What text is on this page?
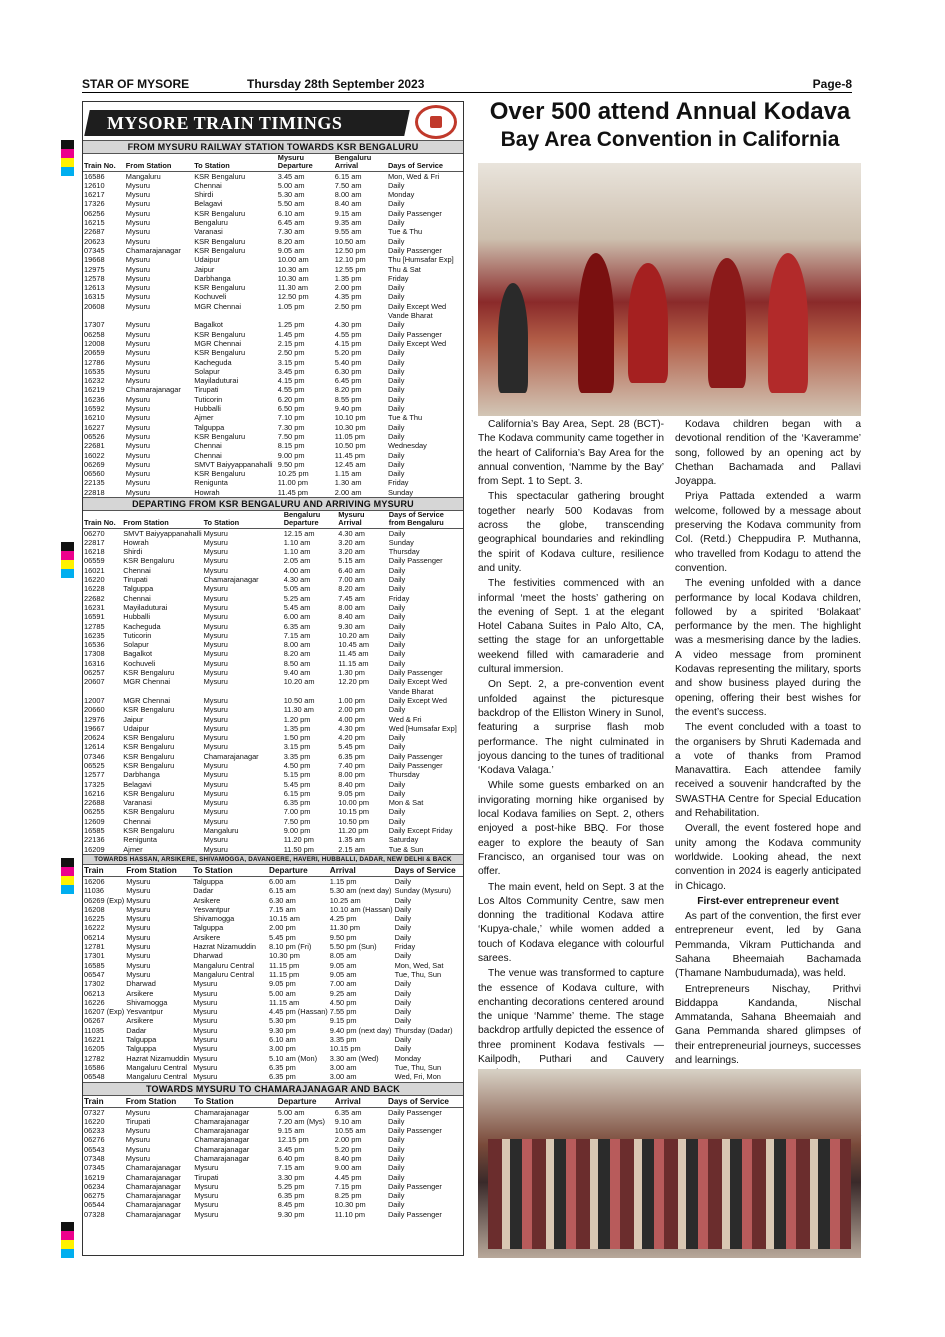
STAR OF MYSORE	Thursday 28th September 2023	Page-8
MYSORE TRAIN TIMINGS
FROM MYSURU RAILWAY STATION TOWARDS KSR BENGALURU
Train No.	From Station	To Station	Mysuru Departure	Bengaluru Arrival	Days of Service
16586	Mangaluru	KSR Bengaluru	3.45 am	6.15 am	Mon, Wed & Fri
12610	Mysuru	Chennai	5.00 am	7.50 am	Daily
16217	Mysuru	Shirdi	5.30 am	8.00 am	Monday
17326	Mysuru	Belagavi	5.50 am	8.40 am	Daily
06256	Mysuru	KSR Bengaluru	6.10 am	9.15 am	Daily Passenger
16215	Mysuru	Bengaluru	6.45 am	9.35 am	Daily
22687	Mysuru	Varanasi	7.30 am	9.55 am	Tue & Thu
20623	Mysuru	KSR Bengaluru	8.20 am	10.50 am	Daily
07345	Chamarajanagar	KSR Bengaluru	9.05 am	12.50 pm	Daily Passenger
19668	Mysuru	Udaipur	10.00 am	12.10 pm	Thu [Humsafar Exp]
12975	Mysuru	Jaipur	10.30 am	12.55 pm	Thu & Sat
12578	Mysuru	Darbhanga	10.30 am	1.35 pm	Friday
12613	Mysuru	KSR Bengaluru	11.30 am	2.00 pm	Daily
16315	Mysuru	Kochuveli	12.50 pm	4.35 pm	Daily
20608	Mysuru	MGR Chennai	1.05 pm	2.50 pm	Daily Except Wed
					Vande Bharat
17307	Mysuru	Bagalkot	1.25 pm	4.30 pm	Daily
06258	Mysuru	KSR Bengaluru	1.45 pm	4.55 pm	Daily Passenger
12008	Mysuru	MGR Chennai	2.15 pm	4.15 pm	Daily Except Wed
20659	Mysuru	KSR Bengaluru	2.50 pm	5.20 pm	Daily
12786	Mysuru	Kacheguda	3.15 pm	5.40 pm	Daily
16535	Mysuru	Solapur	3.45 pm	6.30 pm	Daily
16232	Mysuru	Mayiladuturai	4.15 pm	6.45 pm	Daily
16219	Chamarajanagar	Tirupati	4.55 pm	8.20 pm	Daily
16236	Mysuru	Tuticorin	6.20 pm	8.55 pm	Daily
16592	Mysuru	Hubballi	6.50 pm	9.40 pm	Daily
16210	Mysuru	Ajmer	7.10 pm	10.10 pm	Tue & Thu
16227	Mysuru	Talguppa	7.30 pm	10.30 pm	Daily
06526	Mysuru	KSR Bengaluru	7.50 pm	11.05 pm	Daily
22681	Mysuru	Chennai	8.15 pm	10.50 pm	Wednesday
16022	Mysuru	Chennai	9.00 pm	11.45 pm	Daily
06269	Mysuru	SMVT Baiyyappanahalli	9.50 pm	12.45 am	Daily
06560	Mysuru	KSR Bengaluru	10.25 pm	1.15 am	Daily
22135	Mysuru	Renigunta	11.00 pm	1.30 am	Friday
22818	Mysuru	Howrah	11.45 pm	2.00 am	Sunday
DEPARTING FROM KSR BENGALURU AND ARRIVING MYSURU
Train No.	From Station	To Station	Bengaluru Departure	Mysuru Arrival	Days of Service from Bengaluru
06270	SMVT Baiyyappanahalli	Mysuru	12.15 am	4.30 am	Daily
22817	Howrah	Mysuru	1.10 am	3.20 am	Sunday
16218	Shirdi	Mysuru	1.10 am	3.20 am	Thursday
06559	KSR Bengaluru	Mysuru	2.05 am	5.15 am	Daily Passenger
16021	Chennai	Mysuru	4.00 am	6.40 am	Daily
16220	Tirupati	Chamarajanagar	4.30 am	7.00 am	Daily
16228	Talguppa	Mysuru	5.05 am	8.20 am	Daily
22682	Chennai	Mysuru	5.25 am	7.45 am	Friday
16231	Mayiladuturai	Mysuru	5.45 am	8.00 am	Daily
16591	Hubballi	Mysuru	6.00 am	8.40 am	Daily
12785	Kacheguda	Mysuru	6.35 am	9.30 am	Daily
16235	Tuticorin	Mysuru	7.15 am	10.20 am	Daily
16536	Solapur	Mysuru	8.00 am	10.45 am	Daily
17308	Bagalkot	Mysuru	8.20 am	11.45 am	Daily
16316	Kochuveli	Mysuru	8.50 am	11.15 am	Daily
06257	KSR Bengaluru	Mysuru	9.40 am	1.30 pm	Daily Passenger
20607	MGR Chennai	Mysuru	10.20 am	12.20 pm	Daily Except Wed
					Vande Bharat
12007	MGR Chennai	Mysuru	10.50 am	1.00 pm	Daily Except Wed
20660	KSR Bengaluru	Mysuru	11.30 am	2.00 pm	Daily
12976	Jaipur	Mysuru	1.20 pm	4.00 pm	Wed & Fri
19667	Udaipur	Mysuru	1.35 pm	4.30 pm	Wed [Humsafar Exp]
20624	KSR Bengaluru	Mysuru	1.50 pm	4.20 pm	Daily
12614	KSR Bengaluru	Mysuru	3.15 pm	5.45 pm	Daily
07346	KSR Bengaluru	Chamarajanagar	3.35 pm	6.35 pm	Daily Passenger
06525	KSR Bengaluru	Mysuru	4.50 pm	7.40 pm	Daily Passenger
12577	Darbhanga	Mysuru	5.15 pm	8.00 pm	Thursday
17325	Belagavi	Mysuru	5.45 pm	8.40 pm	Daily
16216	KSR Bengaluru	Mysuru	6.15 pm	9.05 pm	Daily
22688	Varanasi	Mysuru	6.35 pm	10.00 pm	Mon & Sat
06255	KSR Bengaluru	Mysuru	7.00 pm	10.15 pm	Daily
12609	Chennai	Mysuru	7.50 pm	10.50 pm	Daily
16585	KSR Bengaluru	Mangaluru	9.00 pm	11.20 pm	Daily Except Friday
22136	Renigunta	Mysuru	11.20 pm	1.35 am	Saturday
16209	Ajmer	Mysuru	11.50 pm	2.15 am	Tue & Sun
TOWARDS HASSAN, ARSIKERE, SHIVAMOGGA, DAVANGERE, HAVERI, HUBBALLI, DADAR, NEW DELHI & BACK
Train	From Station	To Station	Departure	Arrival	Days of Service
16206	Mysuru	Talguppa	6.00 am	1.15 pm	Daily
11036	Mysuru	Dadar	6.15 am	5.30 am (next day)	Sunday (Mysuru)
06269 (Exp)	Mysuru	Arsikere	6.30 am	10.25 am	Daily
16208	Mysuru	Yesvantpur	7.15 am	10.10 am (Hassan)	Daily
16225	Mysuru	Shivamogga	10.15 am	4.25 pm	Daily
16222	Mysuru	Talguppa	2.00 pm	11.30 pm	Daily
06214	Mysuru	Arsikere	5.45 pm	9.50 pm	Daily
12781	Mysuru	Hazrat Nizamuddin	8.10 pm (Fri)	5.50 pm (Sun)	Friday
17301	Mysuru	Dharwad	10.30 pm	8.05 am	Daily
16585	Mysuru	Mangaluru Central	11.15 pm	9.05 am	Mon, Wed, Sat
06547	Mysuru	Mangaluru Central	11.15 pm	9.05 am	Tue, Thu, Sun
17302	Dharwad	Mysuru	9.05 pm	7.00 am	Daily
06213	Arsikere	Mysuru	5.00 am	9.25 am	Daily
16226	Shivamogga	Mysuru	11.15 am	4.50 pm	Daily
16207 (Exp)	Yesvantpur	Mysuru	4.45 pm (Hassan)	7.55 pm	Daily
06267	Arsikere	Mysuru	5.30 pm	9.15 pm	Daily
11035	Dadar	Mysuru	9.30 pm	9.40 pm (next day)	Thursday (Dadar)
16221	Talguppa	Mysuru	6.10 am	3.35 pm	Daily
16205	Talguppa	Mysuru	3.00 pm	10.15 pm	Daily
12782	Hazrat Nizamuddin	Mysuru	5.10 am (Mon)	3.30 am (Wed)	Monday
16586	Mangaluru Central	Mysuru	6.35 pm	3.00 am	Tue, Thu, Sun
06548	Mangaluru Central	Mysuru	6.35 pm	3.00 am	Wed, Fri, Mon
TOWARDS MYSURU TO CHAMARAJANAGAR AND BACK
Train	From Station	To Station	Departure	Arrival	Days of Service
07327	Mysuru	Chamarajanagar	5.00 am	6.35 am	Daily Passenger
16220	Tirupati	Chamarajanagar	7.20 am (Mys)	9.10 am	Daily
06233	Mysuru	Chamarajanagar	9.15 am	10.55 am	Daily Passenger
06276	Mysuru	Chamarajanagar	12.15 pm	2.00 pm	Daily
06543	Mysuru	Chamarajanagar	3.45 pm	5.20 pm	Daily
07348	Mysuru	Chamarajanagar	6.40 pm	8.40 pm	Daily
07345	Chamarajanagar	Mysuru	7.15 am	9.00 am	Daily
16219	Chamarajanagar	Tirupati	3.30 pm	4.45 pm	Daily
06234	Chamarajanagar	Mysuru	5.25 pm	7.15 pm	Daily Passenger
06275	Chamarajanagar	Mysuru	6.35 pm	8.25 pm	Daily
06544	Chamarajanagar	Mysuru	8.45 pm	10.30 pm	Daily
07328	Chamarajanagar	Mysuru	9.30 pm	11.10 pm	Daily Passenger
Over 500 attend Annual Kodava
Bay Area Convention in California

California’s Bay Area, Sept. 28 (BCT)- The Kodava community came together in the heart of California’s Bay Area for the annual convention, ‘Namme by the Bay’ from Sept. 1 to Sept. 3.

This spectacular gathering brought together nearly 500 Kodavas from across the globe, transcending geographical boundaries and rekindling the spirit of Kodava culture, resilience and unity.

The festivities commenced with an informal ‘meet the hosts’ gathering on the evening of Sept. 1 at the elegant Hotel Cabana Suites in Palo Alto, CA, setting the stage for an unforgettable weekend filled with camaraderie and cultural immersion.

On Sept. 2, a pre-convention event unfolded against the picturesque backdrop of the Elliston Winery in Sunol, featuring a surprise flash mob performance. The night culminated in joyous dancing to the tunes of traditional ‘Kodava Valaga.’

While some guests embarked on an invigorating morning hike organised by local Kodava families on Sept. 2, others enjoyed a post-hike BBQ. For those eager to explore the beauty of San Francisco, an organised tour was on offer.

The main event, held on Sept. 3 at the Los Altos Community Centre, saw men donning the traditional Kodava attire ‘Kupya-chale,’ while women added a touch of Kodava elegance with colourful sarees.

The venue was transformed to capture the essence of Kodava culture, with enchanting decorations centered around the unique ‘Namme’ theme. The stage backdrop artfully depicted the essence of three prominent Kodava festivals — Kailpodh, Puthari and Cauvery

Kodava children began with a devotional rendition of the ‘Kaveramme’ song, followed by an opening act by Chethan Bachamada and Pallavi Joyappa.

Priya Pattada extended a warm welcome, followed by a message about preserving the Kodava community from Col. (Retd.) Cheppudira P. Muthanna, who travelled from Kodagu to attend the convention.

The evening unfolded with a dance performance by local Kodava children, followed by a spirited ‘Bolakaat’ performance by the men. The highlight was a mesmerising dance by the ladies. A video message from prominent Kodavas representing the military, sports and show business played during the opening, offering their best wishes for the event’s success.

The event concluded with a toast to the organisers by Shruti Kademada and a vote of thanks from Pramod Manavattira. Each attendee family received a souvenir handcrafted by the SWASTHA Centre for Special Education and Rehabilitation.

Overall, the event fostered hope and unity among the Kodava community worldwide. Looking ahead, the next convention in 2024 is eagerly anticipated in Chicago.

First-ever entrepreneur event

As part of the convention, the first ever entrepreneur event, led by Gana Pemmanda, Vikram Puttichanda and Sahana Bheemaiah Bachamada (Thamane Nambudumada), was held.

Entrepreneurs Nischay, Prithvi Biddappa Kandanda, Nischal Ammatanda, Sahana Bheemaiah and Gana Pemmanda shared glimpses of their entrepreneurial journeys, successes and learnings.
